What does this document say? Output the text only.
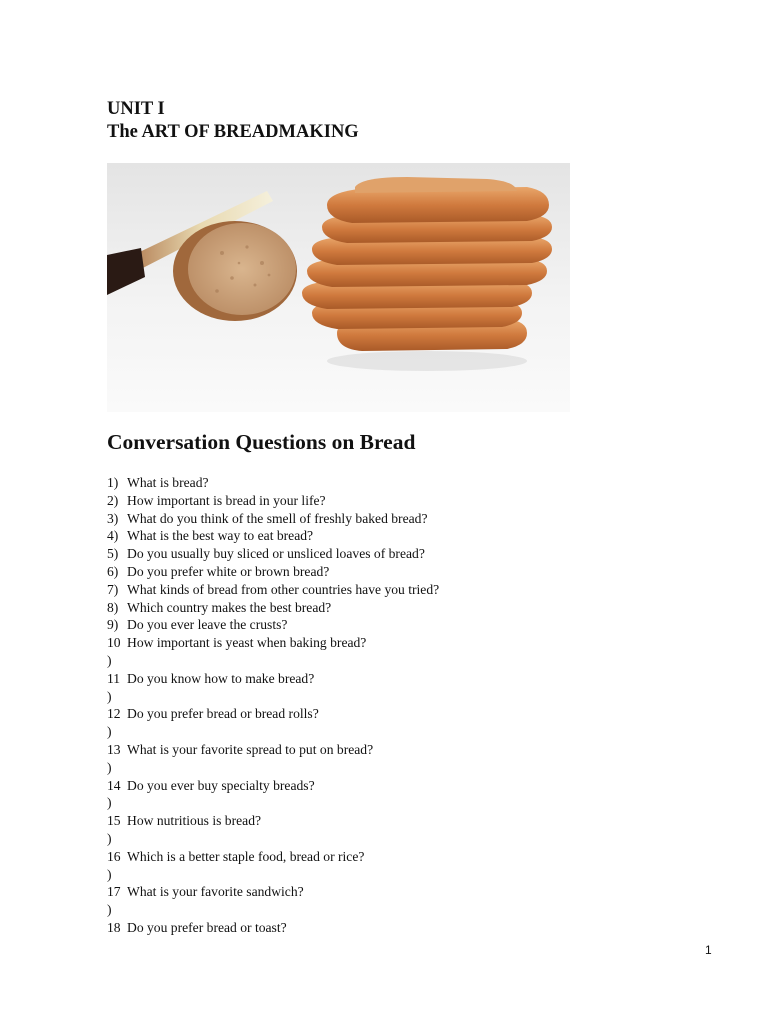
UNIT I
The ART OF BREADMAKING
Conversation Questions on Bread
1) What is bread?
2) How important is bread in your life?
3) What do you think of the smell of freshly baked bread?
4) What is the best way to eat bread?
5) Do you usually buy sliced or unsliced loaves of bread?
6) Do you prefer white or brown bread?
7) What kinds of bread from other countries have you tried?
8) Which country makes the best bread?
9) Do you ever leave the crusts?
10 How important is yeast when baking bread?
)
11 Do you know how to make bread?
)
12 Do you prefer bread or bread rolls?
)
13 What is your favorite spread to put on bread?
)
14 Do you ever buy specialty breads?
)
15 How nutritious is bread?
)
16 Which is a better staple food, bread or rice?
)
17 What is your favorite sandwich?
)
18 Do you prefer bread or toast?
1
